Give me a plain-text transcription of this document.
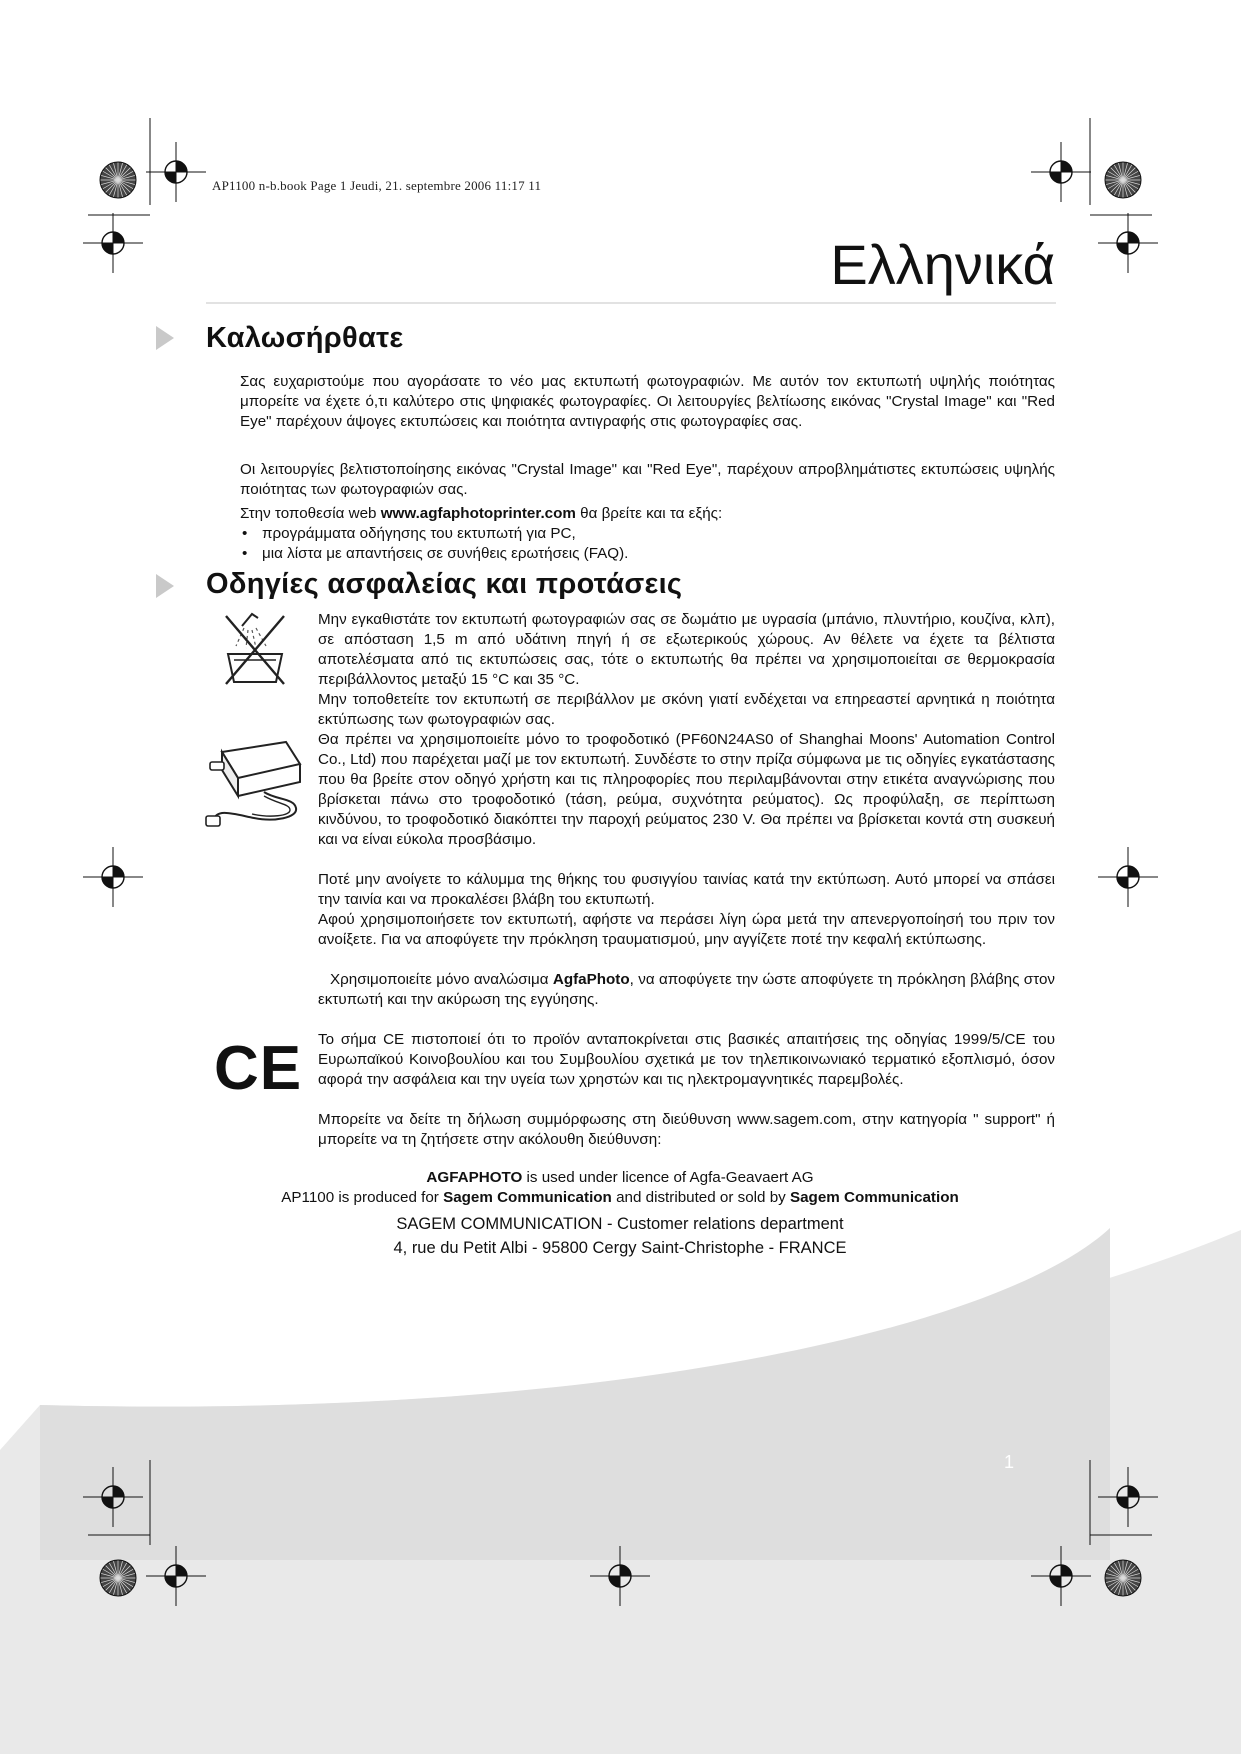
AP1100 n-b.book Page 1 Jeudi, 21. septembre 2006 11:17 11
Ελληνικά
Καλωσήρθατε

Σας ευχαριστούμε που αγοράσατε το νέο μας εκτυπωτή φωτογραφιών. Με αυτόν τον εκτυπωτή υψηλής ποιότητας μπορείτε να έχετε ό,τι καλύτερο στις ψηφιακές φωτογραφίες. Οι λειτουργίες βελτίωσης εικόνας "Crystal Image" και "Red Eye" παρέχουν άψογες εκτυπώσεις και ποιότητα αντιγραφής στις φωτογραφίες σας.

Οι λειτουργίες βελτιστοποίησης εικόνας "Crystal Image" και "Red Eye", παρέχουν απροβλημάτιστες εκτυπώσεις υψηλής ποιότητας των φωτογραφιών σας.

Στην τοποθεσία web www.agfaphotoprinter.com θα βρείτε και τα εξής:

• προγράμματα οδήγησης του εκτυπωτή για PC,
• μια λίστα με απαντήσεις σε συνήθεις ερωτήσεις (FAQ).
Οδηγίες ασφαλείας και προτάσεις

Μην εγκαθιστάτε τον εκτυπωτή φωτογραφιών σας σε δωμάτιο με υγρασία (μπάνιο, πλυντήριο, κουζίνα, κλπ), σε απόσταση 1,5 m από υδάτινη πηγή ή σε εξωτερικούς χώρους. Αν θέλετε να έχετε τα βέλτιστα αποτελέσματα από τις εκτυπώσεις σας, τότε ο εκτυπωτής θα πρέπει να χρησιμοποιείται σε θερμοκρασία περιβάλλοντος μεταξύ 15 °C και 35 °C.

Μην τοποθετείτε τον εκτυπωτή σε περιβάλλον με σκόνη γιατί ενδέχεται να επηρεαστεί αρνητικά η ποιότητα εκτύπωσης των φωτογραφιών σας.

Θα πρέπει να χρησιμοποιείτε μόνο το τροφοδοτικό (PF60N24AS0 of Shanghai Moons' Automation Control Co., Ltd) που παρέχεται μαζί με τον εκτυπωτή. Συνδέστε το στην πρίζα σύμφωνα με τις οδηγίες εγκατάστασης που θα βρείτε στον οδηγό χρήστη και τις πληροφορίες που περιλαμβάνονται στην ετικέτα αναγνώρισης που βρίσκεται πάνω στο τροφοδοτικό (τάση, ρεύμα, συχνότητα ρεύματος). Ως προφύλαξη, σε περίπτωση κινδύνου, το τροφοδοτικό διακόπτει την παροχή ρεύματος 230 V. Θα πρέπει να βρίσκεται κοντά στη συσκευή και να είναι εύκολα προσβάσιμο.

Ποτέ μην ανοίγετε το κάλυμμα της θήκης του φυσιγγίου ταινίας κατά την εκτύπωση. Αυτό μπορεί να σπάσει την ταινία και να προκαλέσει βλάβη του εκτυπωτή.

Αφού χρησιμοποιήσετε τον εκτυπωτή, αφήστε να περάσει λίγη ώρα μετά την απενεργοποίησή του πριν τον ανοίξετε. Για να αποφύγετε την πρόκληση τραυματισμού, μην αγγίζετε ποτέ την κεφαλή εκτύπωσης.

Χρησιμοποιείτε μόνο αναλώσιμα AgfaPhoto, να αποφύγετε την ώστε αποφύγετε τη πρόκληση βλάβης στον εκτυπωτή και την ακύρωση της εγγύησης.

CE Το σήμα CE πιστοποιεί ότι το προϊόν ανταποκρίνεται στις βασικές απαιτήσεις της οδηγίας 1999/5/CE του Ευρωπαϊκού Κοινοβουλίου και του Συμβουλίου σχετικά με τον τηλεπικοινωνιακό τερματικό εξοπλισμό, όσον αφορά την ασφάλεια και την υγεία των χρηστών και τις ηλεκτρομαγνητικές παρεμβολές.

Μπορείτε να δείτε τη δήλωση συμμόρφωσης στη διεύθυνση www.sagem.com, στην κατηγορία " support" ή μπορείτε να τη ζητήσετε στην ακόλουθη διεύθυνση:

AGFAPHOTO is used under licence of Agfa-Geavaert AG

AP1100 is produced for Sagem Communication and distributed or sold by Sagem Communication

SAGEM COMMUNICATION - Customer relations department

4, rue du Petit Albi - 95800 Cergy Saint-Christophe - FRANCE

1
